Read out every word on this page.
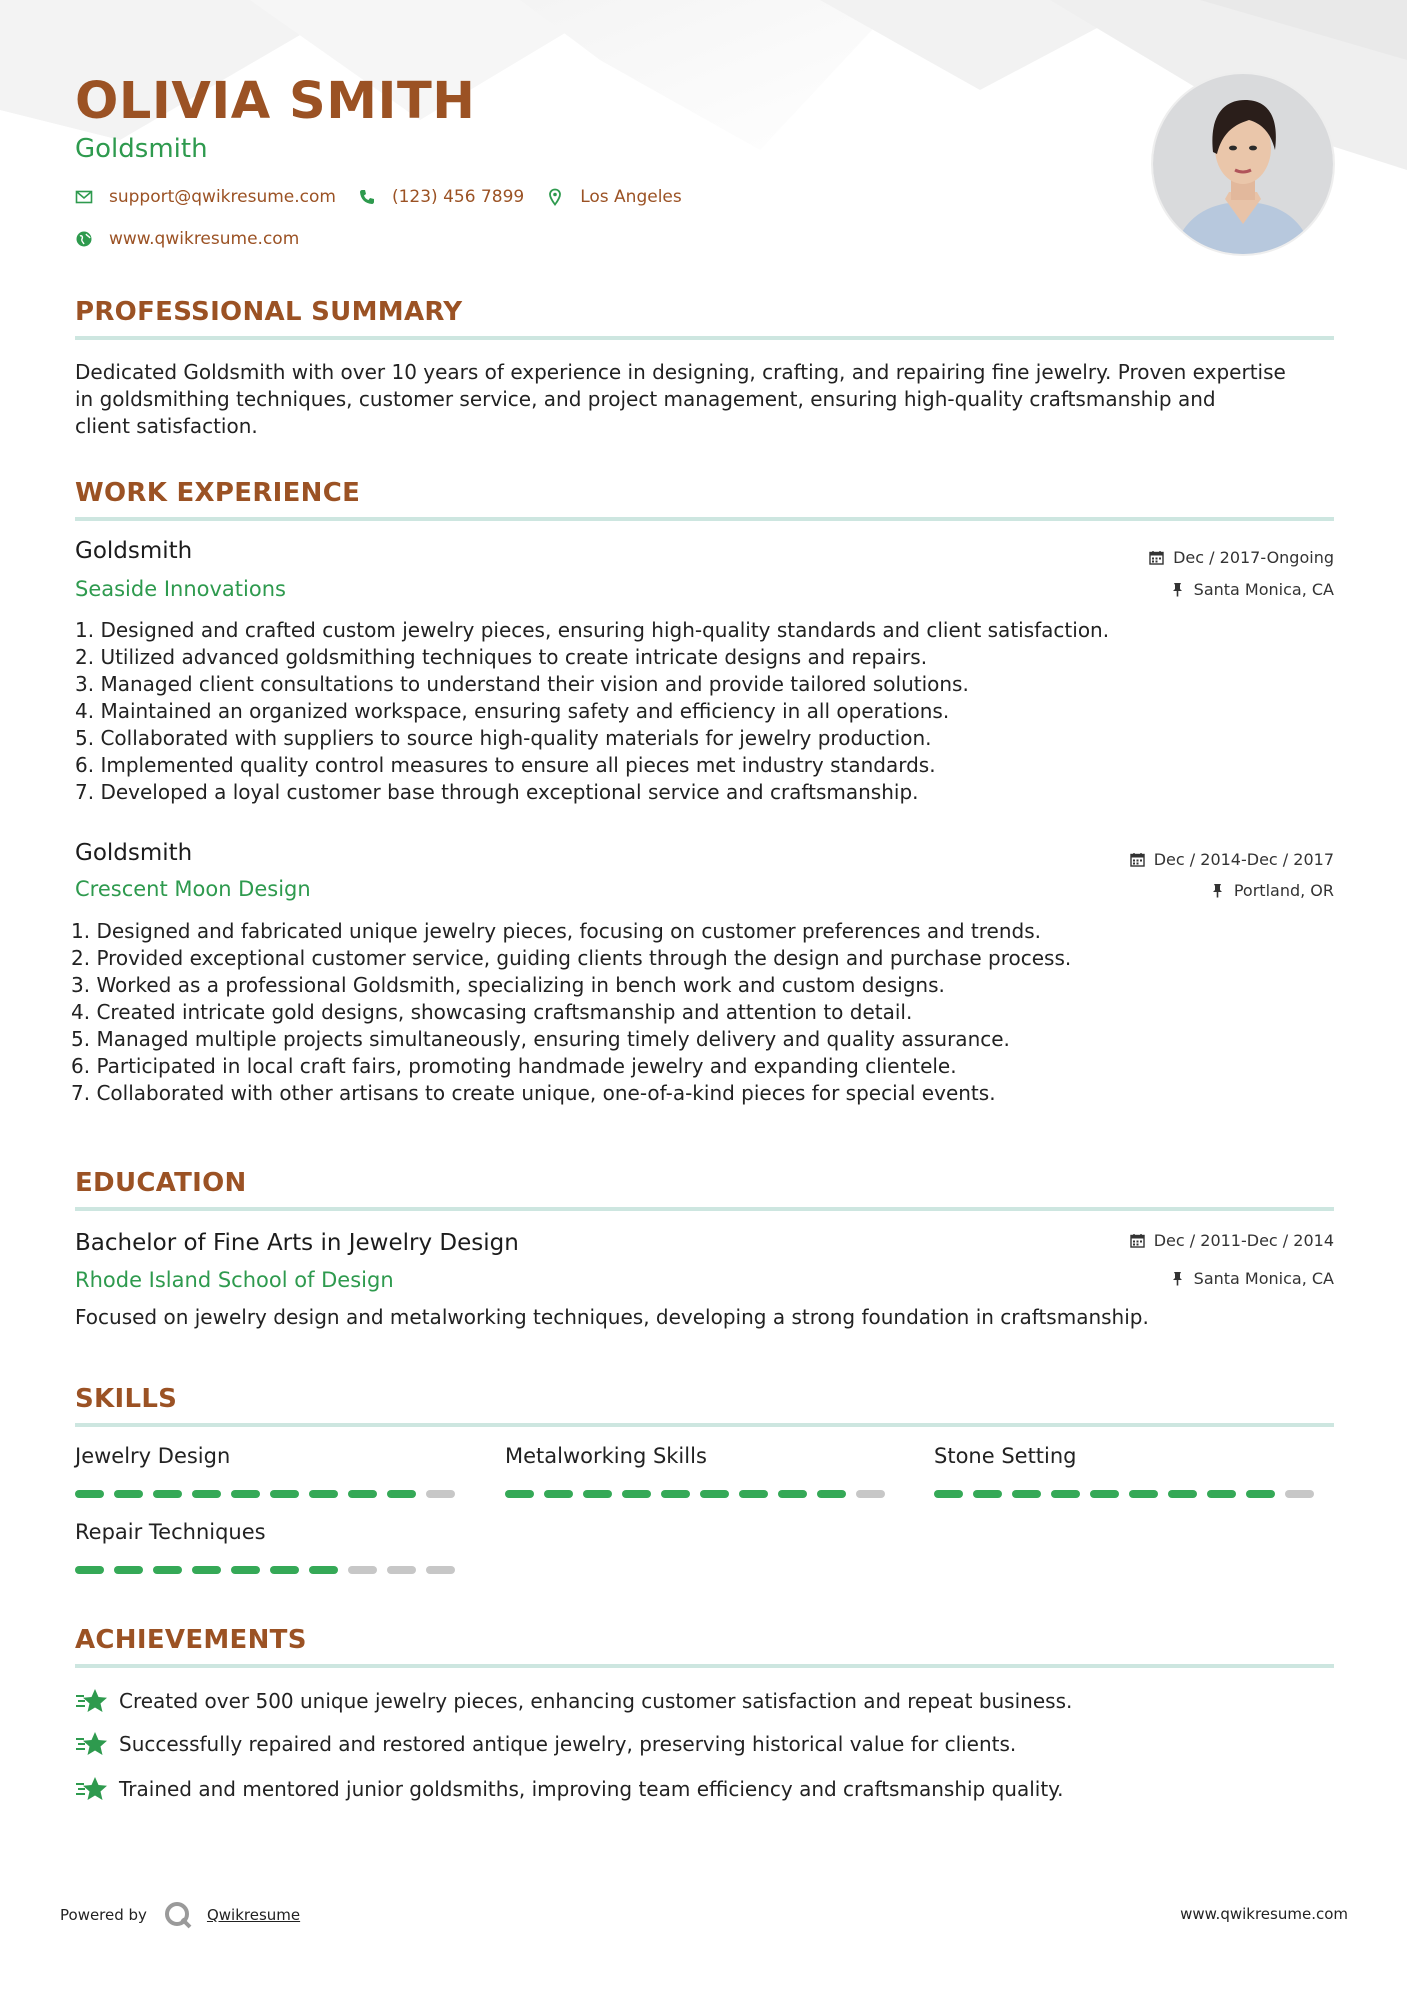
OLIVIA SMITH
Goldsmith
support@qwikresume.com	(123) 456 7899	Los Angeles
www.qwikresume.com
PROFESSIONAL SUMMARY
Dedicated Goldsmith with over 10 years of experience in designing, crafting, and repairing fine jewelry. Proven expertise
in goldsmithing techniques, customer service, and project management, ensuring high-quality craftsmanship and
client satisfaction.
WORK EXPERIENCE
Goldsmith
Seaside Innovations
Dec / 2017-Ongoing
Santa Monica, CA
1. Designed and crafted custom jewelry pieces, ensuring high-quality standards and client satisfaction.
2. Utilized advanced goldsmithing techniques to create intricate designs and repairs.
3. Managed client consultations to understand their vision and provide tailored solutions.
4. Maintained an organized workspace, ensuring safety and efficiency in all operations.
5. Collaborated with suppliers to source high-quality materials for jewelry production.
6. Implemented quality control measures to ensure all pieces met industry standards.
7. Developed a loyal customer base through exceptional service and craftsmanship.
Goldsmith
Crescent Moon Design
Dec / 2014-Dec / 2017
Portland, OR
1. Designed and fabricated unique jewelry pieces, focusing on customer preferences and trends.
2. Provided exceptional customer service, guiding clients through the design and purchase process.
3. Worked as a professional Goldsmith, specializing in bench work and custom designs.
4. Created intricate gold designs, showcasing craftsmanship and attention to detail.
5. Managed multiple projects simultaneously, ensuring timely delivery and quality assurance.
6. Participated in local craft fairs, promoting handmade jewelry and expanding clientele.
7. Collaborated with other artisans to create unique, one-of-a-kind pieces for special events.
EDUCATION
Bachelor of Fine Arts in Jewelry Design
Rhode Island School of Design
Dec / 2011-Dec / 2014
Santa Monica, CA
Focused on jewelry design and metalworking techniques, developing a strong foundation in craftsmanship.
SKILLS
Jewelry Design	Metalworking Skills	Stone Setting
Repair Techniques
ACHIEVEMENTS
Created over 500 unique jewelry pieces, enhancing customer satisfaction and repeat business.
Successfully repaired and restored antique jewelry, preserving historical value for clients.
Trained and mentored junior goldsmiths, improving team efficiency and craftsmanship quality.
Powered by	Qwikresume	www.qwikresume.com
